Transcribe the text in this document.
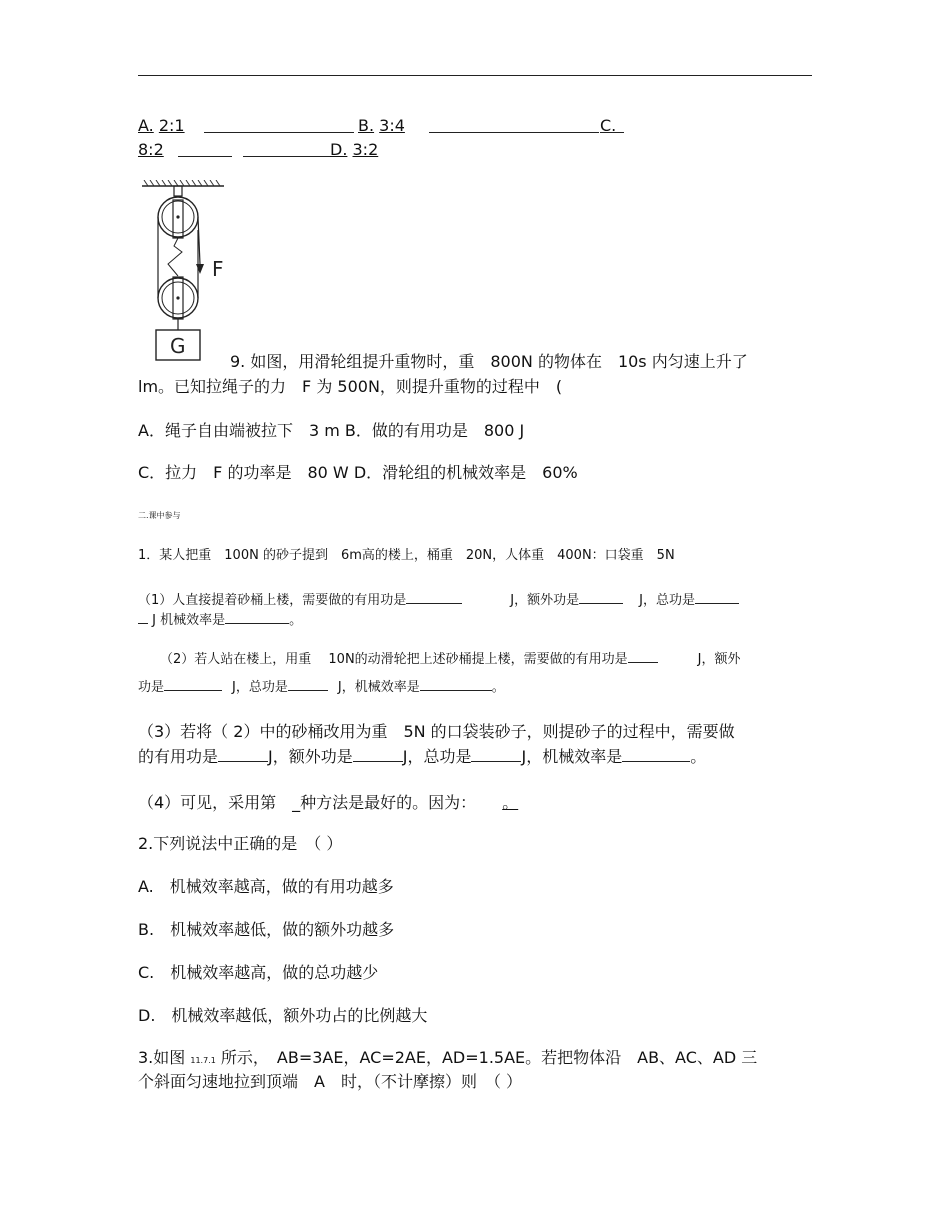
A. 2:1	B. 3:4	C.
8:2	D. 3:2
F
G
9. 如图，用滑轮组提升重物时，重　800N 的物体在　10s 内匀速上升了
lm。已知拉绳子的力　F 为 500N，则提升重物的过程中　(
A．绳子自由端被拉下　3 m B．做的有用功是　800 J
C．拉力　F 的功率是　80 W D．滑轮组的机械效率是　60%
二.课中参与
1．某人把重　100N 的砂子提到　6m高的楼上，桶重　20N，人体重　400N：口袋重　5N
（1）人直接提着砂桶上楼，需要做的有用功是	J，额外功是	J，总功是
J 机械效率是	。
（2）若人站在楼上，用重　 10N的动滑轮把上述砂桶提上楼，需要做的有用功是	J，额外
功是	J，总功是	J，机械效率是	。
（3）若将（ 2）中的砂桶改用为重　5N 的口袋装砂子，则提砂子的过程中，需要做
的有用功是	J，额外功是	J，总功是	J，机械效率是	。
（4）可见，采用第　_种方法是最好的。因为： 。
2.下列说法中正确的是　（ ）
A.　机械效率越高，做的有用功越多
B.　机械效率越低，做的额外功越多
C.　机械效率越高，做的总功越少
D.　机械效率越低，额外功占的比例越大
3.如图 11.7.1 所示，　AB=3AE，AC=2AE，AD=1.5AE。若把物体沿　AB、AC、AD 三
个斜面匀速地拉到顶端　A　时，（不计摩擦）则　（ ）
